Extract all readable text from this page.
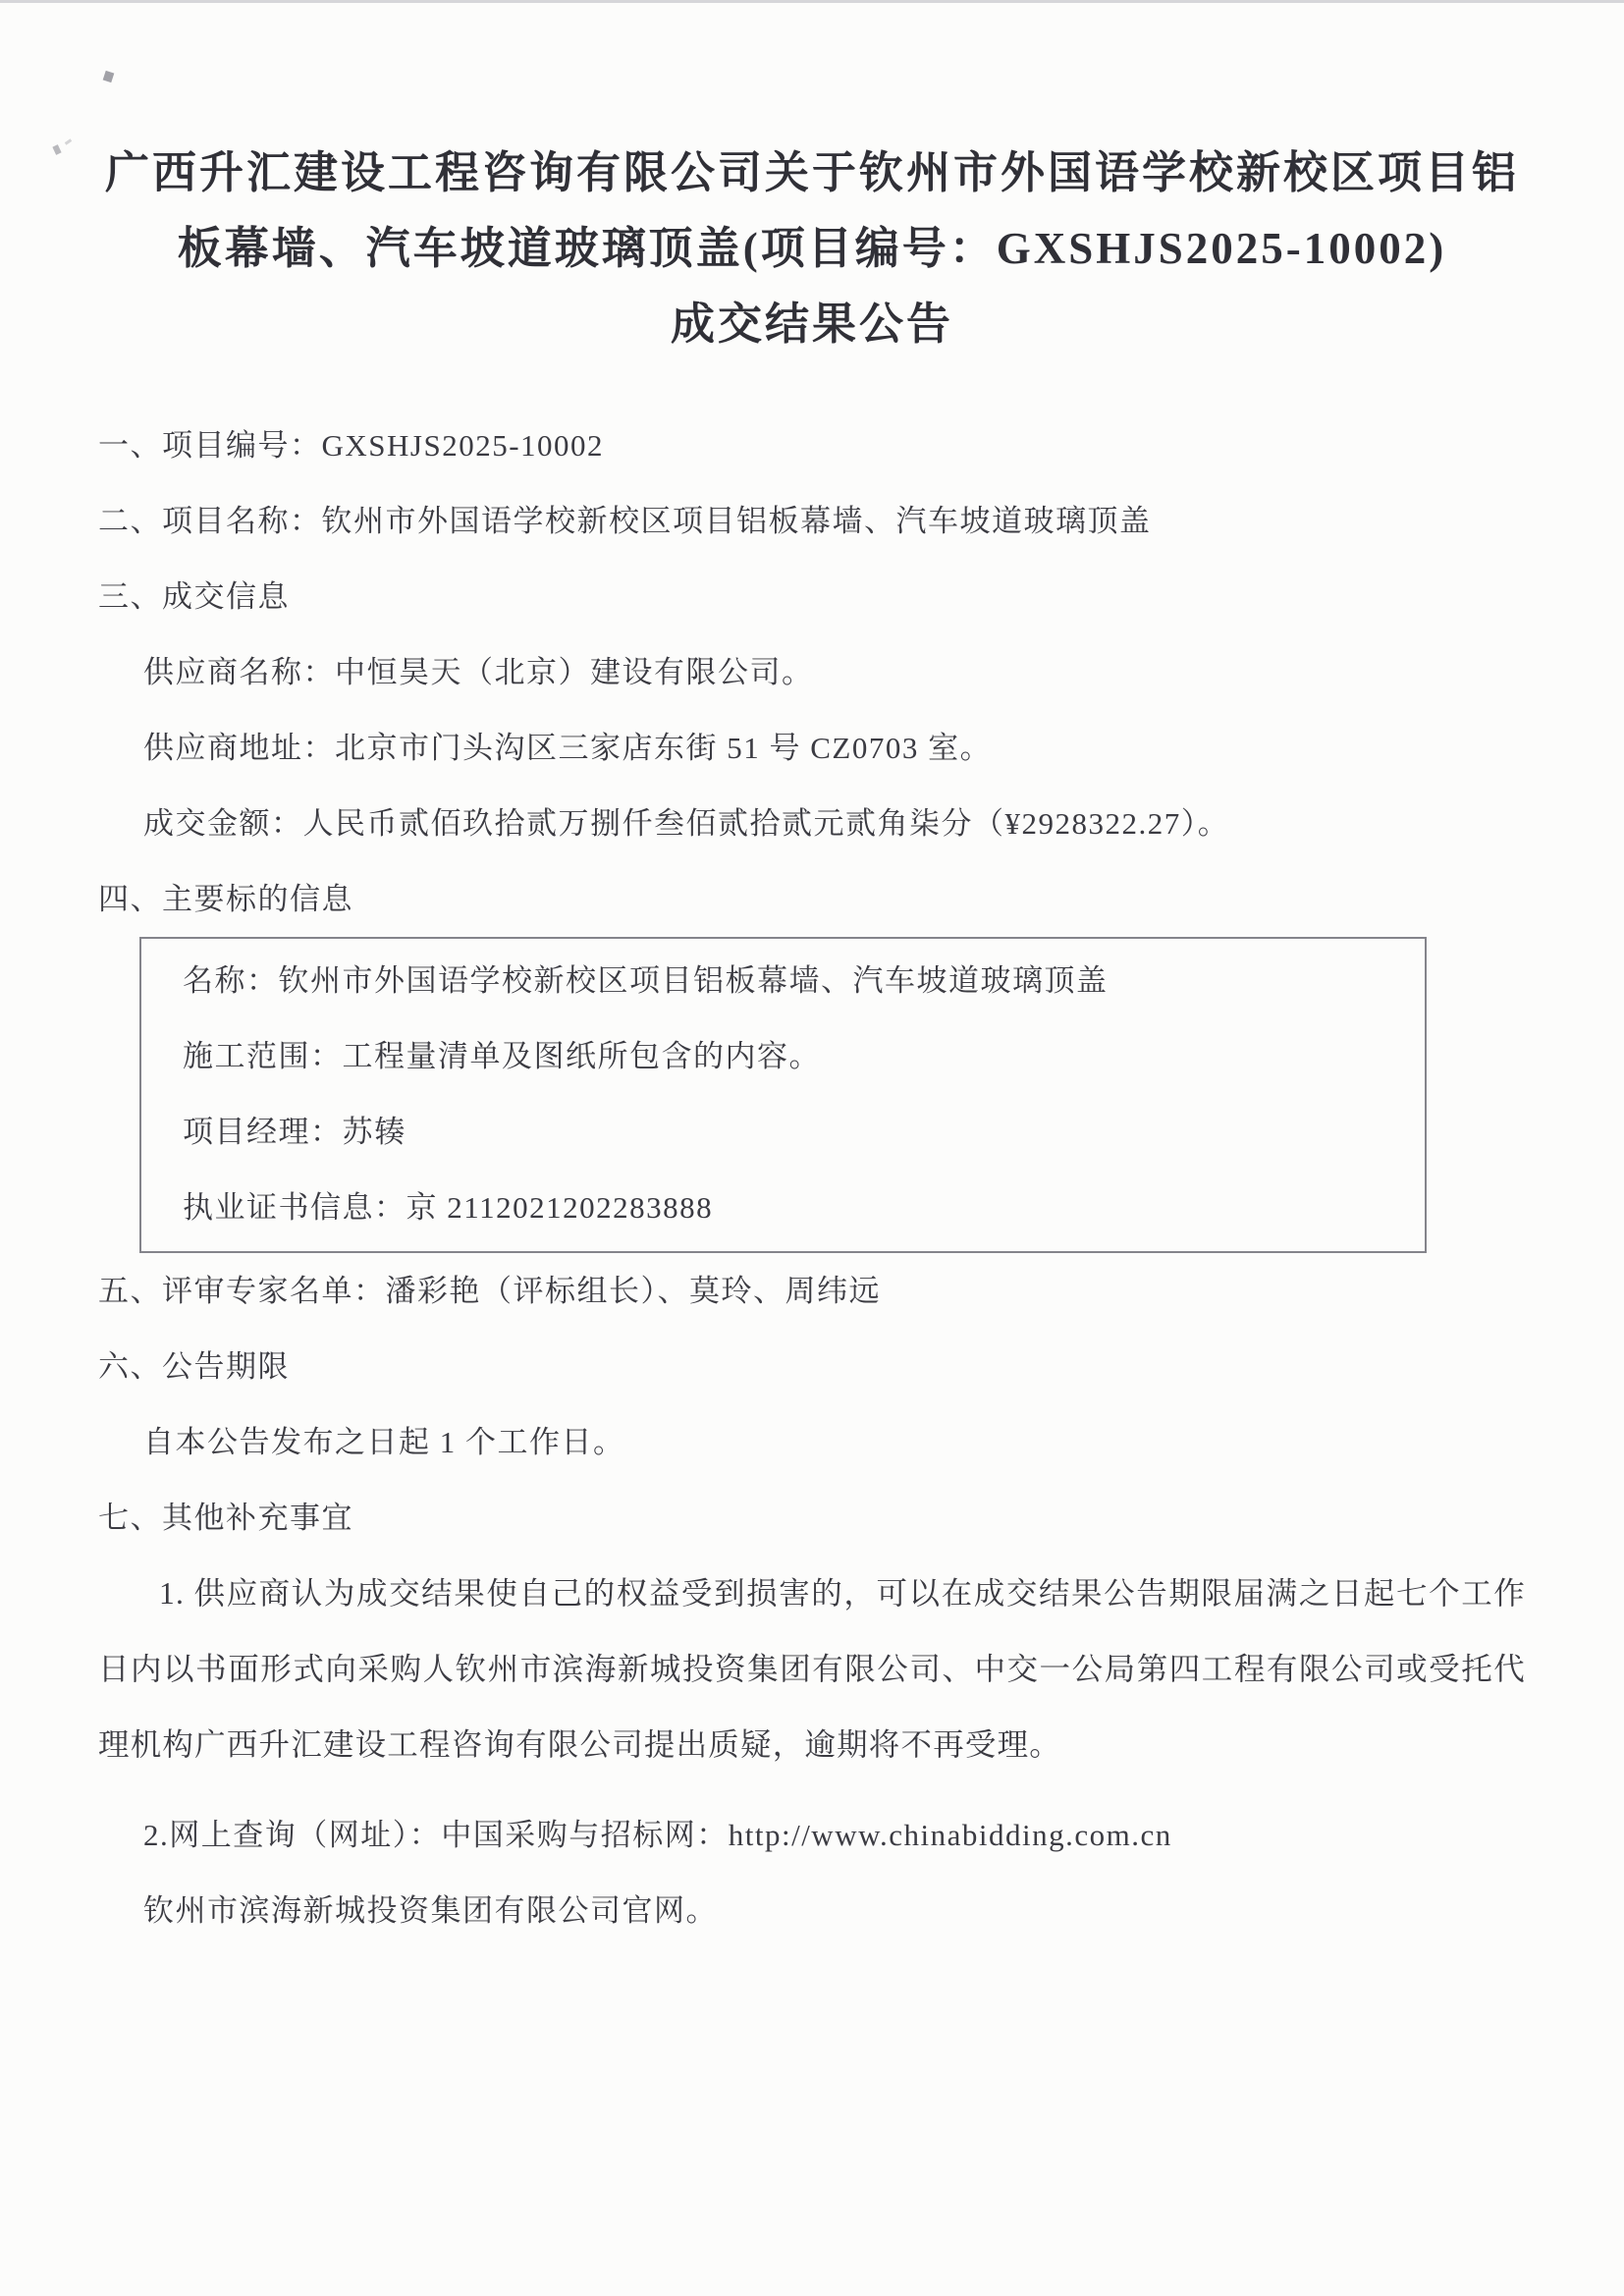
广西升汇建设工程咨询有限公司关于钦州市外国语学校新校区项目铝
板幕墙、汽车坡道玻璃顶盖(项目编号：GXSHJS2025-10002)
成交结果公告
一、项目编号：GXSHJS2025-10002
二、项目名称：钦州市外国语学校新校区项目铝板幕墙、汽车坡道玻璃顶盖
三、成交信息
供应商名称：中恒昊天（北京）建设有限公司。
供应商地址：北京市门头沟区三家店东街 51 号 CZ0703 室。
成交金额：人民币贰佰玖拾贰万捌仟叁佰贰拾贰元贰角柒分（¥2928322.27）。
四、主要标的信息
名称：钦州市外国语学校新校区项目铝板幕墙、汽车坡道玻璃顶盖
施工范围：工程量清单及图纸所包含的内容。
项目经理：苏辏
执业证书信息：京 2112021202283888
五、评审专家名单：潘彩艳（评标组长）、莫玲、周纬远
六、公告期限
自本公告发布之日起 1 个工作日。
七、其他补充事宜
1. 供应商认为成交结果使自己的权益受到损害的，可以在成交结果公告期限届满之日起七个工作日内以书面形式向采购人钦州市滨海新城投资集团有限公司、中交一公局第四工程有限公司或受托代理机构广西升汇建设工程咨询有限公司提出质疑，逾期将不再受理。
2.网上查询（网址）：中国采购与招标网：http://www.chinabidding.com.cn
钦州市滨海新城投资集团有限公司官网。
